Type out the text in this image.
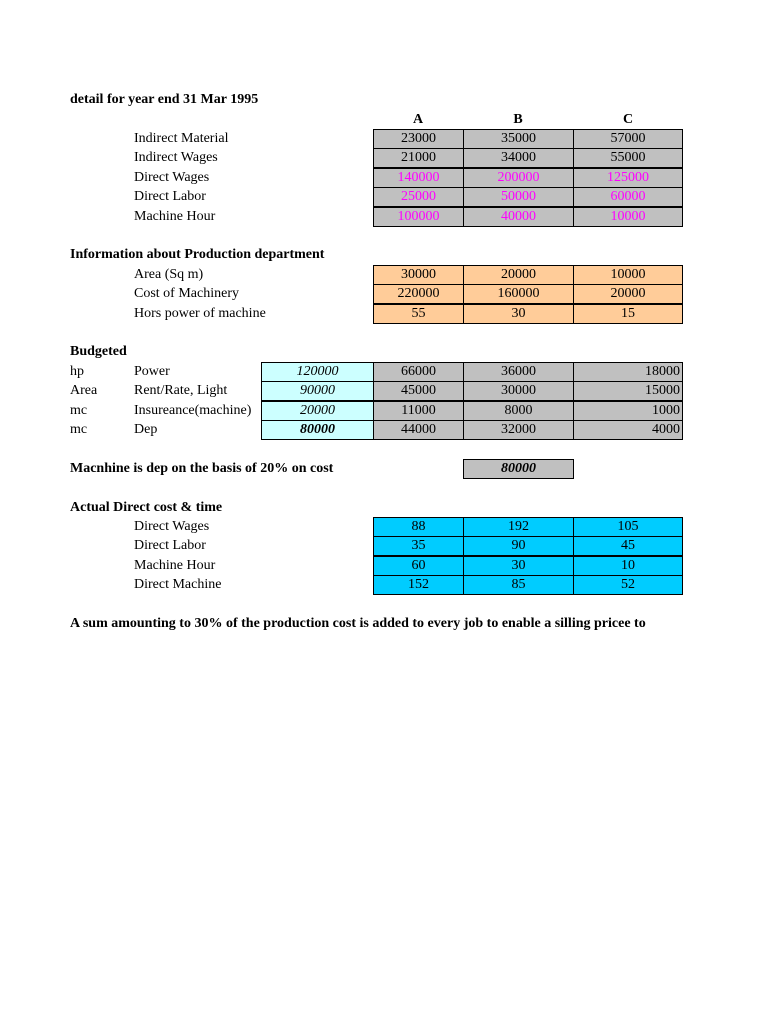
detail for year end 31 Mar 1995
A	B	C
Indirect Material	23000	35000	57000
Indirect Wages	21000	34000	55000
Direct Wages	140000	200000	125000
Direct Labor	25000	50000	60000
Machine Hour	100000	40000	10000
Information about Production department
Area (Sq m)	30000	20000	10000
Cost of Machinery	220000	160000	20000
Hors power of machine	55	30	15
Budgeted
hp	Power	120000	66000	36000	18000
Area	Rent/Rate, Light	90000	45000	30000	15000
mc	Insureance(machine)	20000	11000	8000	1000
mc	Dep	80000	44000	32000	4000
Macnhine is dep on the basis of 20% on cost	80000
Actual Direct cost & time
Direct Wages	88	192	105
Direct Labor	35	90	45
Machine Hour	60	30	10
Direct Machine	152	85	52
A sum amounting to 30% of the production cost is added to every job to enable a silling pricee to
